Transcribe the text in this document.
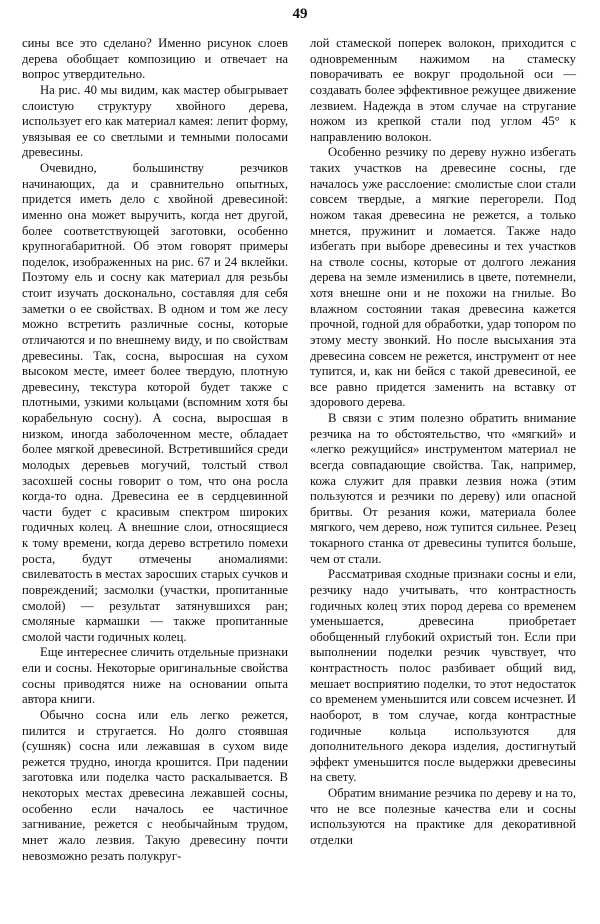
49

сины все это сделано? Именно рисунок слоев дерева обобщает композицию и отвечает на вопрос утвердительно.

На рис. 40 мы видим, как мастер обыгрывает слоистую структуру хвойного дерева, использует его как материал камея: лепит форму, увязывая ее со светлыми и темными полосами древесины.

Очевидно, большинству резчиков начинающих, да и сравнительно опытных, придется иметь дело с хвойной древесиной: именно она может выручить, когда нет другой, более соответствующей заготовки, особенно крупногабаритной. Об этом говорят примеры поделок, изображенных на рис. 67 и 24 вклейки. Поэтому ель и сосну как материал для резьбы стоит изучать досконально, составляя для себя заметки о ее свойствах. В одном и том же лесу можно встретить различные сосны, которые отличаются и по внешнему виду, и по свойствам древесины. Так, сосна, выросшая на сухом высоком месте, имеет более твердую, плотную древесину, текстура которой будет также с плотными, узкими кольцами (вспомним хотя бы корабельную сосну). А сосна, выросшая в низком, иногда заболоченном месте, обладает более мягкой древесиной. Встретившийся среди молодых деревьев могучий, толстый ствол засохшей сосны говорит о том, что она росла когда-то одна. Древесина ее в сердцевинной части будет с красивым спектром широких годичных колец. А внешние слои, относящиеся к тому времени, когда дерево встретило помехи роста, будут отмечены аномалиями: свилеватость в местах заросших старых сучков и повреждений; засмолки (участки, пропитанные смолой) — результат затянувшихся ран; смоляные кармашки — также пропитанные смолой части годичных колец.

Еще интереснее сличить отдельные признаки ели и сосны. Некоторые оригинальные свойства сосны приводятся ниже на основании опыта автора книги.

Обычно сосна или ель легко режется, пилится и стругается. Но долго стоявшая (сушняк) сосна или лежавшая в сухом виде режется трудно, иногда крошится. При падении заготовка или поделка часто раскалывается. В некоторых местах древесина лежавшей сосны, особенно если началось ее частичное загнивание, режется с необычайным трудом, мнет жало лезвия. Такую древесину почти невозможно резать полукруг-

лой стамеской поперек волокон, приходится с одновременным нажимом на стамеску поворачивать ее вокруг продольной оси — создавать более эффективное режущее движение лезвием. Надежда в этом случае на стругание ножом из крепкой стали под углом 45° к направлению волокон.

Особенно резчику по дереву нужно избегать таких участков на древесине сосны, где началось уже расслоение: смолистые слои стали совсем твердые, а мягкие перегорели. Под ножом такая древесина не режется, а только мнется, пружинит и ломается. Также надо избегать при выборе древесины и тех участков на стволе сосны, которые от долгого лежания дерева на земле изменились в цвете, потемнели, хотя внешне они и не похожи на гнилые. Во влажном состоянии такая древесина кажется прочной, годной для обработки, удар топором по этому месту звонкий. Но после высыхания эта древесина совсем не режется, инструмент от нее тупится, и, как ни бейся с такой древесиной, ее все равно придется заменить на вставку от здорового дерева.

В связи с этим полезно обратить внимание резчика на то обстоятельство, что «мягкий» и «легко режущийся» инструментом материал не всегда совпадающие свойства. Так, например, кожа служит для правки лезвия ножа (этим пользуются и резчики по дереву) или опасной бритвы. От резания кожи, материала более мягкого, чем дерево, нож тупится сильнее. Резец токарного станка от древесины тупится больше, чем от стали.

Рассматривая сходные признаки сосны и ели, резчику надо учитывать, что контрастность годичных колец этих пород дерева со временем уменьшается, древесина приобретает обобщенный глубокий охристый тон. Если при выполнении поделки резчик чувствует, что контрастность полос разбивает общий вид, мешает восприятию поделки, то этот недостаток со временем уменьшится или совсем исчезнет. И наоборот, в том случае, когда контрастные годичные кольца используются для дополнительного декора изделия, достигнутый эффект уменьшится после выдержки древесины на свету.

Обратим внимание резчика по дереву и на то, что не все полезные качества ели и сосны используются на практике для декоративной отделки
